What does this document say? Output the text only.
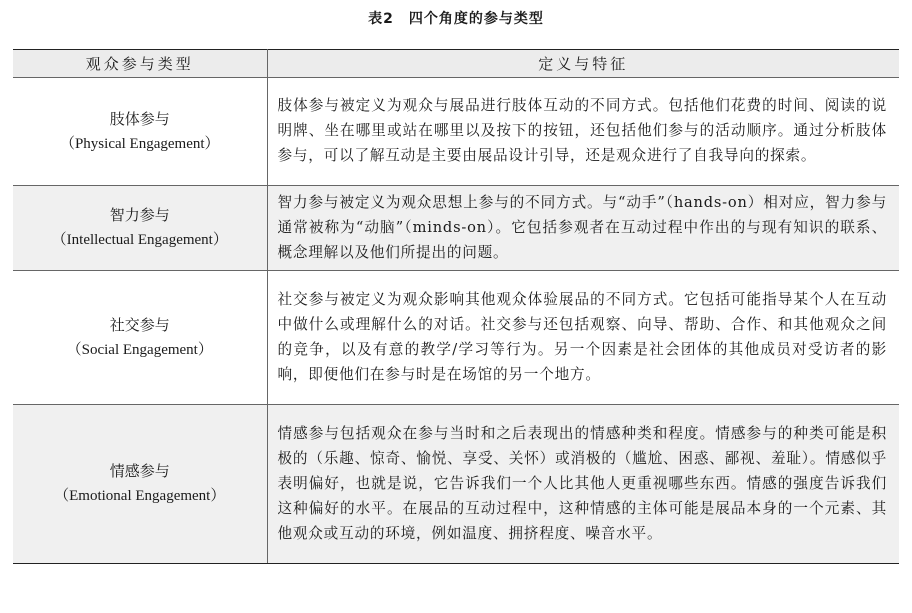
表2　四个角度的参与类型
观众参与类型	定义与特征

肢体参与
（Physical Engagement）	肢体参与被定义为观众与展品进行肢体互动的不同方式。包括他们花费的时间、阅读的说明牌、坐在哪里或站在哪里以及按下的按钮，还包括他们参与的活动顺序。通过分析肢体参与，可以了解互动是主要由展品设计引导，还是观众进行了自我导向的探索。

智力参与
（Intellectual Engagement）	智力参与被定义为观众思想上参与的不同方式。与“动手”（hands-on）相对应，智力参与通常被称为“动脑”（minds-on）。它包括参观者在互动过程中作出的与现有知识的联系、概念理解以及他们所提出的问题。

社交参与
（Social Engagement）	社交参与被定义为观众影响其他观众体验展品的不同方式。它包括可能指导某个人在互动中做什么或理解什么的对话。社交参与还包括观察、向导、帮助、合作、和其他观众之间的竞争，以及有意的教学/学习等行为。另一个因素是社会团体的其他成员对受访者的影响，即便他们在参与时是在场馆的另一个地方。

情感参与
（Emotional Engagement）	情感参与包括观众在参与当时和之后表现出的情感种类和程度。情感参与的种类可能是积极的（乐趣、惊奇、愉悦、享受、关怀）或消极的（尴尬、困惑、鄙视、羞耻）。情感似乎表明偏好，也就是说，它告诉我们一个人比其他人更重视哪些东西。情感的强度告诉我们这种偏好的水平。在展品的互动过程中，这种情感的主体可能是展品本身的一个元素、其他观众或互动的环境，例如温度、拥挤程度、噪音水平。
